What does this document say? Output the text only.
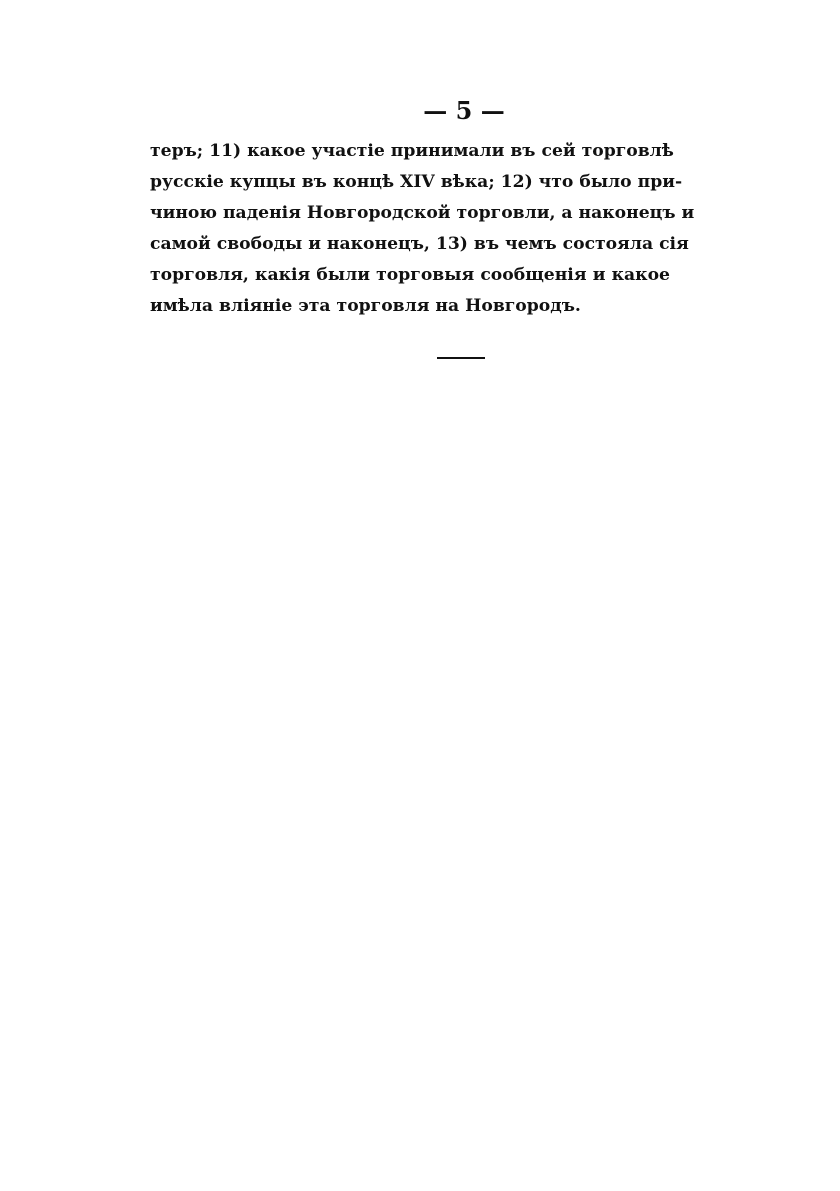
— 5 —
теръ; 11) какое участіе принимали въ сей торговлѣ
русскіе купцы въ концѣ XIV вѣка; 12) что было при-
чиною паденія Новгородской торговли, а наконецъ и
самой свободы и наконецъ, 13) въ чемъ состояла сія
торговля, какія были торговыя сообщенія и какое
имѣла вліяніе эта торговля на Новгородъ.
